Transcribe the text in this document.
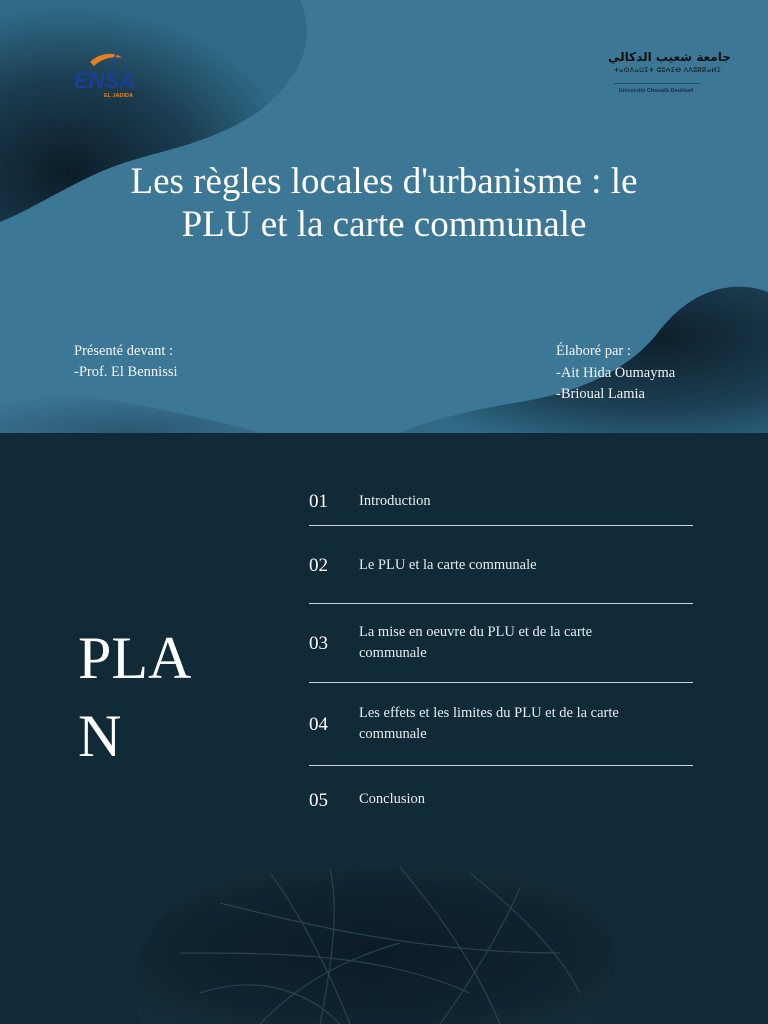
ENSA
EL JADIDA
جامعة شعيب الدكالي
ⵜⴰⵙⴷⴰⵡⵉⵜ ⵛⵓⵄⵉⴱ ⴷⴷⵓⴽⴽⴰⵍⵉ
Université Chouaïb Doukkali
Les règles locales d'urbanisme : le
PLU et la carte communale
Présenté devant :
-Prof. El Bennissi
Élaboré par :
-Ait Hida Oumayma
-Brioual Lamia
PLA
N
01 Introduction
02 Le PLU et la carte communale
03
La mise en oeuvre du PLU et de la carte communale
04
Les effets et les limites du PLU et de la carte communale
05 Conclusion
